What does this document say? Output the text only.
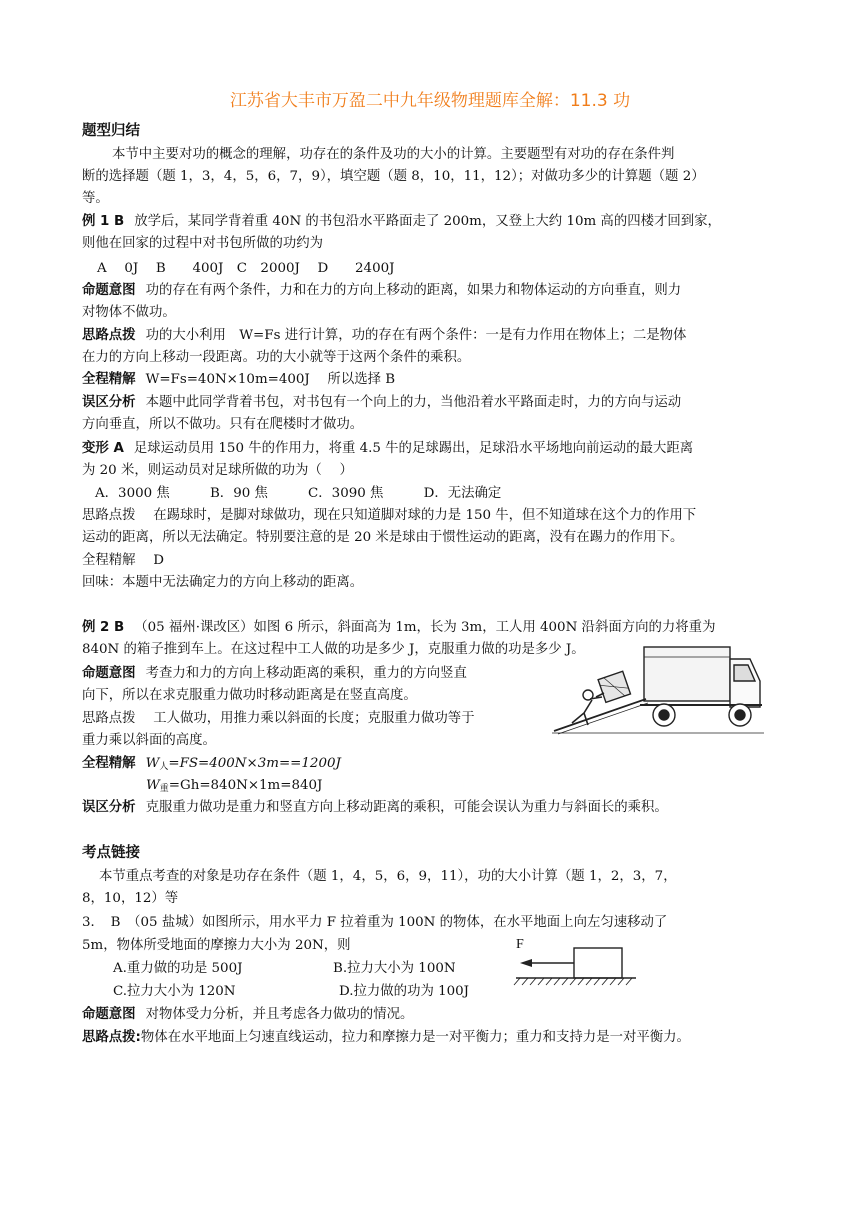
江苏省大丰市万盈二中九年级物理题库全解：11.3 功
题型归结
本节中主要对功的概念的理解，功存在的条件及功的大小的计算。主要题型有对功的存在条件判
断的选择题（题 1，3，4，5，6，7，9），填空题（题 8，10，11，12）；对做功多少的计算题（题 2）
等。
例 1 B 放学后，某同学背着重 40N 的书包沿水平路面走了 200m，又登上大约 10m 高的四楼才回到家，
则他在回家的过程中对书包所做的功约为
A　 0J　 B　　400J　C　2000J　 D　　2400J
命题意图 功的存在有两个条件，力和在力的方向上移动的距离，如果力和物体运动的方向垂直，则力
对物体不做功。
思路点拨 功的大小利用　W=Fs 进行计算，功的存在有两个条件：一是有力作用在物体上；二是物体
在力的方向上移动一段距离。功的大小就等于这两个条件的乘积。
全程精解 W=Fs=40N×10m=400J　 所以选择 B
误区分析 本题中此同学背着书包，对书包有一个向上的力，当他沿着水平路面走时，力的方向与运动
方向垂直，所以不做功。只有在爬楼时才做功。
变形 A 足球运动员用 150 牛的作用力，将重 4.5 牛的足球踢出，足球沿水平场地向前运动的最大距离
为 20 米，则运动员对足球所做的功为（　 ）
A．3000 焦　　　B．90 焦　　　C．3090 焦　　　D．无法确定
思路点拨　 在踢球时，是脚对球做功，现在只知道脚对球的力是 150 牛，但不知道球在这个力的作用下
运动的距离，所以无法确定。特别要注意的是 20 米是球由于惯性运动的距离，没有在踢力的作用下。
全程精解　 D
回味：本题中无法确定力的方向上移动的距离。
例 2 B （05 福州·课改区）如图 6 所示，斜面高为 1m，长为 3m，工人用 400N 沿斜面方向的力将重为
840N 的箱子推到车上。在这过程中工人做的功是多少 J，克服重力做的功是多少 J。
命题意图 考查力和力的方向上移动距离的乘积，重力的方向竖直
向下，所以在求克服重力做功时移动距离是在竖直高度。
思路点拨　 工人做功，用推力乘以斜面的长度；克服重力做功等于
重力乘以斜面的高度。
全程精解 $W_人=FS=400N\times 3m==1200J$
$W_重=Gh=840N\times 1m=840J$
误区分析 克服重力做功是重力和竖直方向上移动距离的乘积，可能会误认为重力与斜面长的乘积。
考点链接
本节重点考查的对象是功存在条件（题 1，4，5，6，9，11），功的大小计算（题 1，2，3，7，
8，10，12）等
3．　B　（05 盐城）如图所示，用水平力 F 拉着重为 100N 的物体，在水平地面上向左匀速移动了
5m，物体所受地面的摩擦力大小为 20N，则
A.重力做的功是 500J	B.拉力大小为 100N
C.拉力大小为 120N	D.拉力做的功为 100J
命题意图 对物体受力分析，并且考虑各力做功的情况。
思路点拨:物体在水平地面上匀速直线运动，拉力和摩擦力是一对平衡力；重力和支持力是一对平衡力。
F
